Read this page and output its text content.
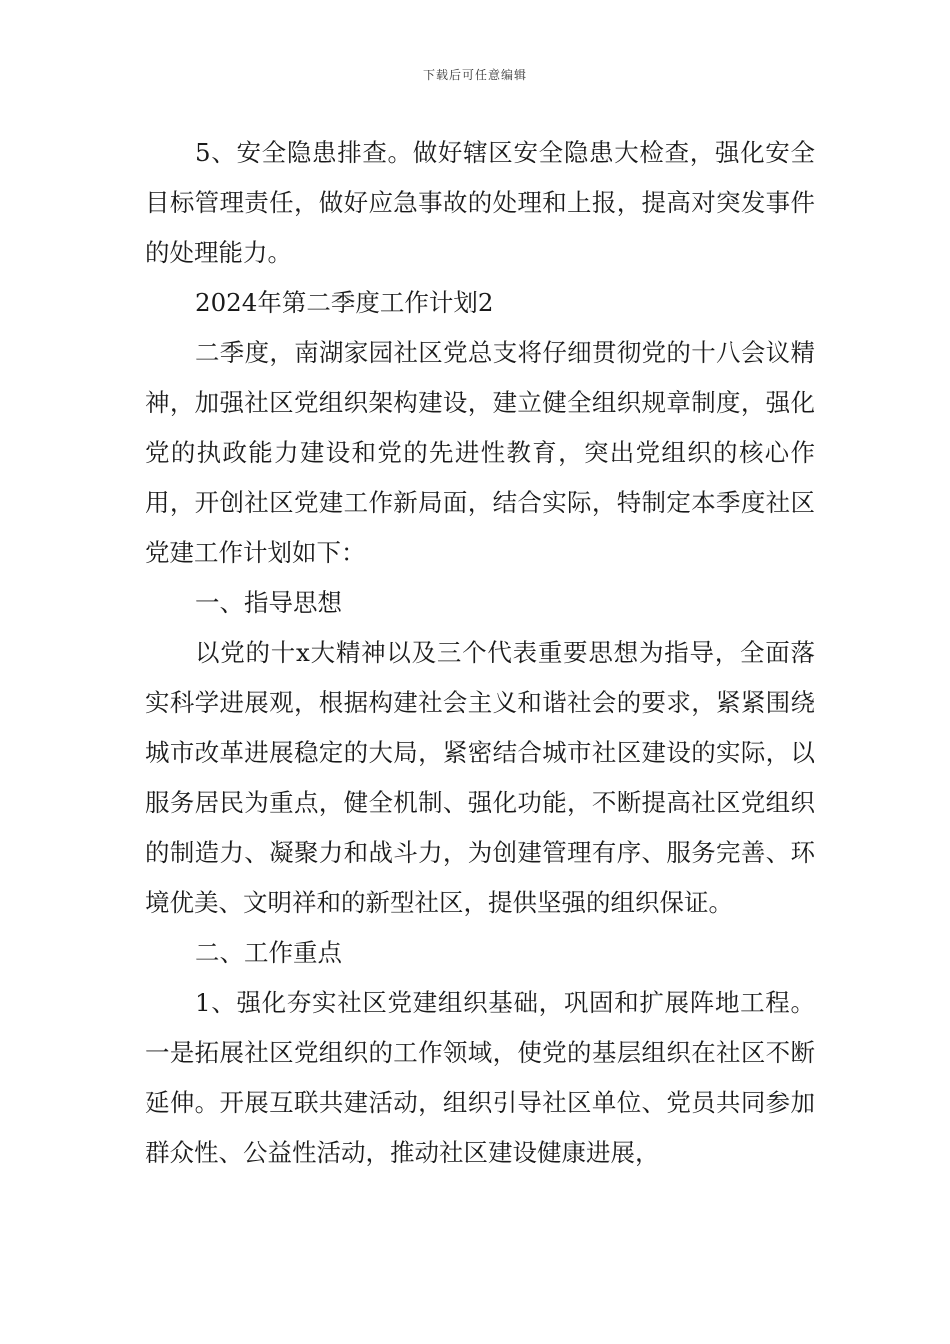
下载后可任意编辑

5、安全隐患排查。做好辖区安全隐患大检查，强化安全目标管理责任，做好应急事故的处理和上报，提高对突发事件的处理能力。

2024年第二季度工作计划2

二季度，南湖家园社区党总支将仔细贯彻党的十八会议精神，加强社区党组织架构建设，建立健全组织规章制度，强化党的执政能力建设和党的先进性教育，突出党组织的核心作用，开创社区党建工作新局面，结合实际，特制定本季度社区党建工作计划如下：

一、指导思想

以党的十x大精神以及三个代表重要思想为指导，全面落实科学进展观，根据构建社会主义和谐社会的要求，紧紧围绕城市改革进展稳定的大局，紧密结合城市社区建设的实际，以服务居民为重点，健全机制、强化功能，不断提高社区党组织的制造力、凝聚力和战斗力，为创建管理有序、服务完善、环境优美、文明祥和的新型社区，提供坚强的组织保证。

二、工作重点

1、强化夯实社区党建组织基础，巩固和扩展阵地工程。一是拓展社区党组织的工作领域，使党的基层组织在社区不断延伸。开展互联共建活动，组织引导社区单位、党员共同参加群众性、公益性活动，推动社区建设健康进展，
